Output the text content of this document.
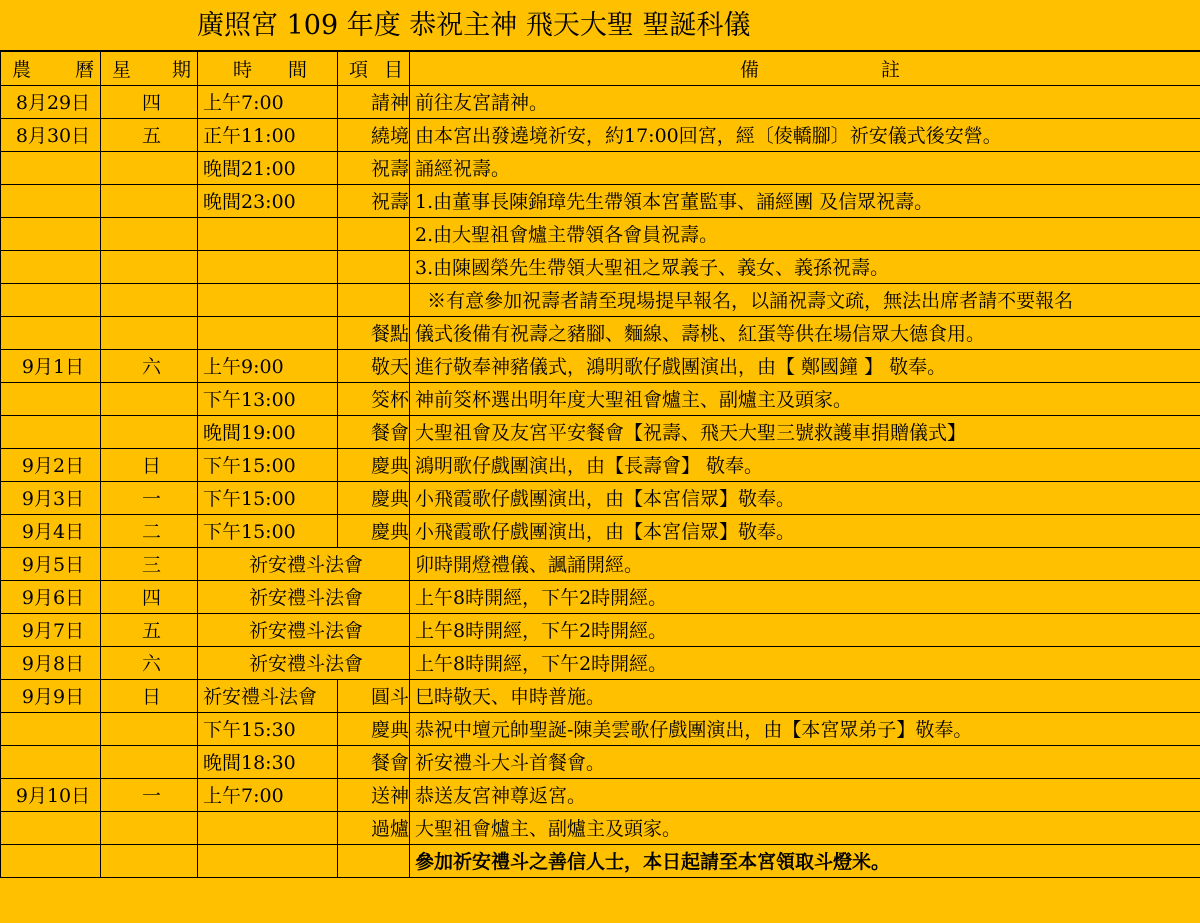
廣照宮 109 年度 恭祝主神 飛天大聖 聖誕科儀
農 曆	星 期	時 間	項 目	備 註

8月29日	四	上午7:00	請神	前往友宮請神。
8月30日	五	正午11:00	繞境	由本宮出發遶境祈安，約17:00回宮，經〔倰轎腳〕祈安儀式後安營。
		晚間21:00	祝壽	誦經祝壽。
		晚間23:00	祝壽	1.由董事長陳錦璋先生帶領本宮董監事、誦經團 及信眾祝壽。
				2.由大聖祖會爐主帶領各會員祝壽。
				3.由陳國榮先生帶領大聖祖之眾義子、義女、義孫祝壽。
				※有意參加祝壽者請至現場提早報名，以誦祝壽文疏，無法出席者請不要報名
			餐點	儀式後備有祝壽之豬腳、麵線、壽桃、紅蛋等供在場信眾大德食用。
9月1日	六	上午9:00	敬天	進行敬奉神豬儀式，鴻明歌仔戲團演出，由【 鄭國鐘 】 敬奉。
		下午13:00	筊杯	神前筊杯選出明年度大聖祖會爐主、副爐主及頭家。
		晚間19:00	餐會	大聖祖會及友宮平安餐會【祝壽、飛天大聖三號救護車捐贈儀式】
9月2日	日	下午15:00	慶典	鴻明歌仔戲團演出，由【長壽會】 敬奉。
9月3日	一	下午15:00	慶典	小飛霞歌仔戲團演出，由【本宮信眾】敬奉。
9月4日	二	下午15:00	慶典	小飛霞歌仔戲團演出，由【本宮信眾】敬奉。
9月5日	三	祈安禮斗法會		卯時開燈禮儀、諷誦開經。
9月6日	四	祈安禮斗法會		上午8時開經，下午2時開經。
9月7日	五	祈安禮斗法會		上午8時開經，下午2時開經。
9月8日	六	祈安禮斗法會		上午8時開經，下午2時開經。
9月9日	日	祈安禮斗法會	圓斗	巳時敬天、申時普施。
		下午15:30	慶典	恭祝中壇元帥聖誕-陳美雲歌仔戲團演出，由【本宮眾弟子】敬奉。
		晚間18:30	餐會	祈安禮斗大斗首餐會。
9月10日	一	上午7:00	送神	恭送友宮神尊返宮。
			過爐	大聖祖會爐主、副爐主及頭家。
				參加祈安禮斗之善信人士，本日起請至本宮領取斗燈米。
